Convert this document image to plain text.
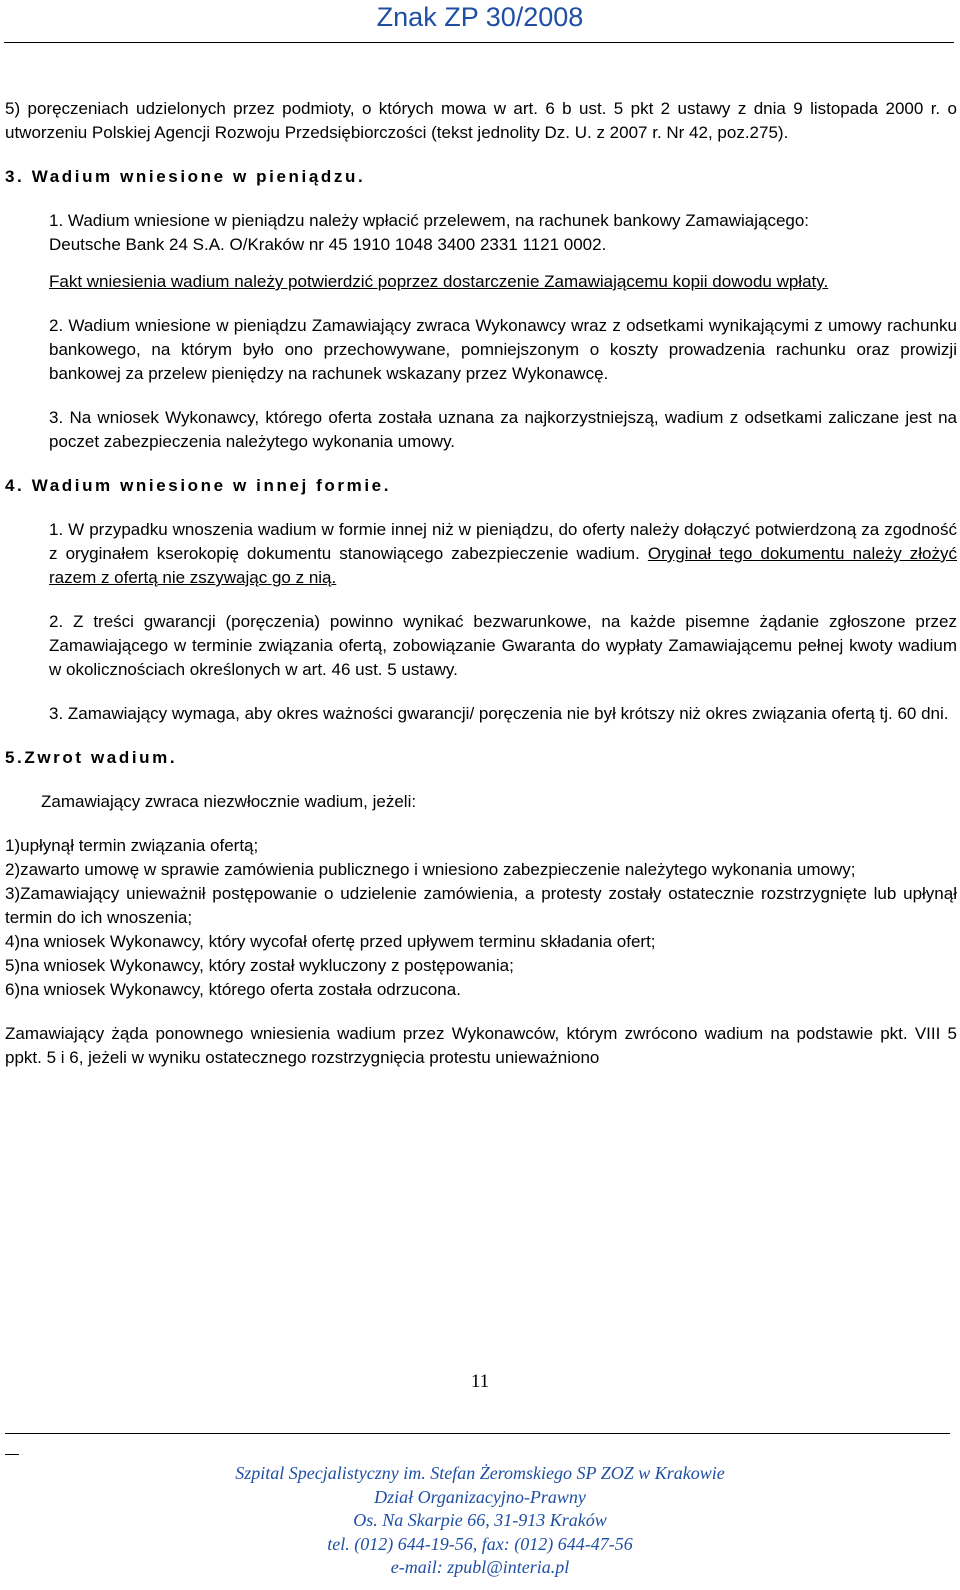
Znak ZP 30/2008

5) poręczeniach udzielonych przez podmioty, o których mowa w art. 6 b ust. 5 pkt 2 ustawy z dnia 9 listopada 2000 r. o utworzeniu Polskiej Agencji Rozwoju Przedsiębiorczości (tekst jednolity Dz. U. z 2007 r. Nr 42, poz.275).

3. Wadium wniesione w pieniądzu.

1. Wadium wniesione w pieniądzu należy wpłacić przelewem, na rachunek bankowy Zamawiającego:

Deutsche Bank 24 S.A. O/Kraków nr 45 1910 1048 3400 2331 1121 0002.

Fakt wniesienia wadium należy potwierdzić poprzez dostarczenie Zamawiającemu kopii dowodu wpłaty.

2. Wadium wniesione w pieniądzu Zamawiający zwraca Wykonawcy wraz z odsetkami wynikającymi z umowy rachunku bankowego, na którym było ono przechowywane, pomniejszonym o koszty prowadzenia rachunku oraz prowizji bankowej za przelew pieniędzy na rachunek wskazany przez Wykonawcę.

3. Na wniosek Wykonawcy, którego oferta została uznana za najkorzystniejszą, wadium z odsetkami zaliczane jest na poczet zabezpieczenia należytego wykonania umowy.

4. Wadium wniesione w innej formie.

1. W przypadku wnoszenia wadium w formie innej niż w pieniądzu, do oferty należy dołączyć potwierdzoną za zgodność z oryginałem kserokopię dokumentu stanowiącego zabezpieczenie wadium. Oryginał tego dokumentu należy złożyć razem z ofertą nie zszywając go z nią.

2. Z treści gwarancji (poręczenia) powinno wynikać bezwarunkowe, na każde pisemne żądanie zgłoszone przez Zamawiającego w terminie związania ofertą, zobowiązanie Gwaranta do wypłaty Zamawiającemu pełnej kwoty wadium w okolicznościach określonych w art. 46 ust. 5 ustawy.

3. Zamawiający wymaga, aby okres ważności gwarancji/ poręczenia nie był krótszy niż okres związania ofertą tj. 60 dni.

5.Zwrot wadium.

Zamawiający zwraca niezwłocznie wadium, jeżeli:

1)upłynął termin związania ofertą;

2)zawarto umowę w sprawie zamówienia publicznego i wniesiono zabezpieczenie należytego wykonania umowy;

3)Zamawiający unieważnił postępowanie o udzielenie zamówienia, a protesty zostały ostatecznie rozstrzygnięte lub upłynął termin do ich wnoszenia;

4)na wniosek Wykonawcy, który wycofał ofertę przed upływem terminu składania ofert;

5)na wniosek Wykonawcy, który został wykluczony z postępowania;

6)na wniosek Wykonawcy, którego oferta została odrzucona.

Zamawiający żąda ponownego wniesienia wadium przez Wykonawców, którym zwrócono wadium na podstawie pkt. VIII 5 ppkt. 5 i 6, jeżeli w wyniku ostatecznego rozstrzygnięcia protestu unieważniono

11
Szpital Specjalistyczny im. Stefan Żeromskiego SP ZOZ w Krakowie
Dział Organizacyjno-Prawny
Os. Na Skarpie 66, 31-913 Kraków
tel. (012) 644-19-56, fax: (012) 644-47-56
e-mail: zpubl@interia.pl
